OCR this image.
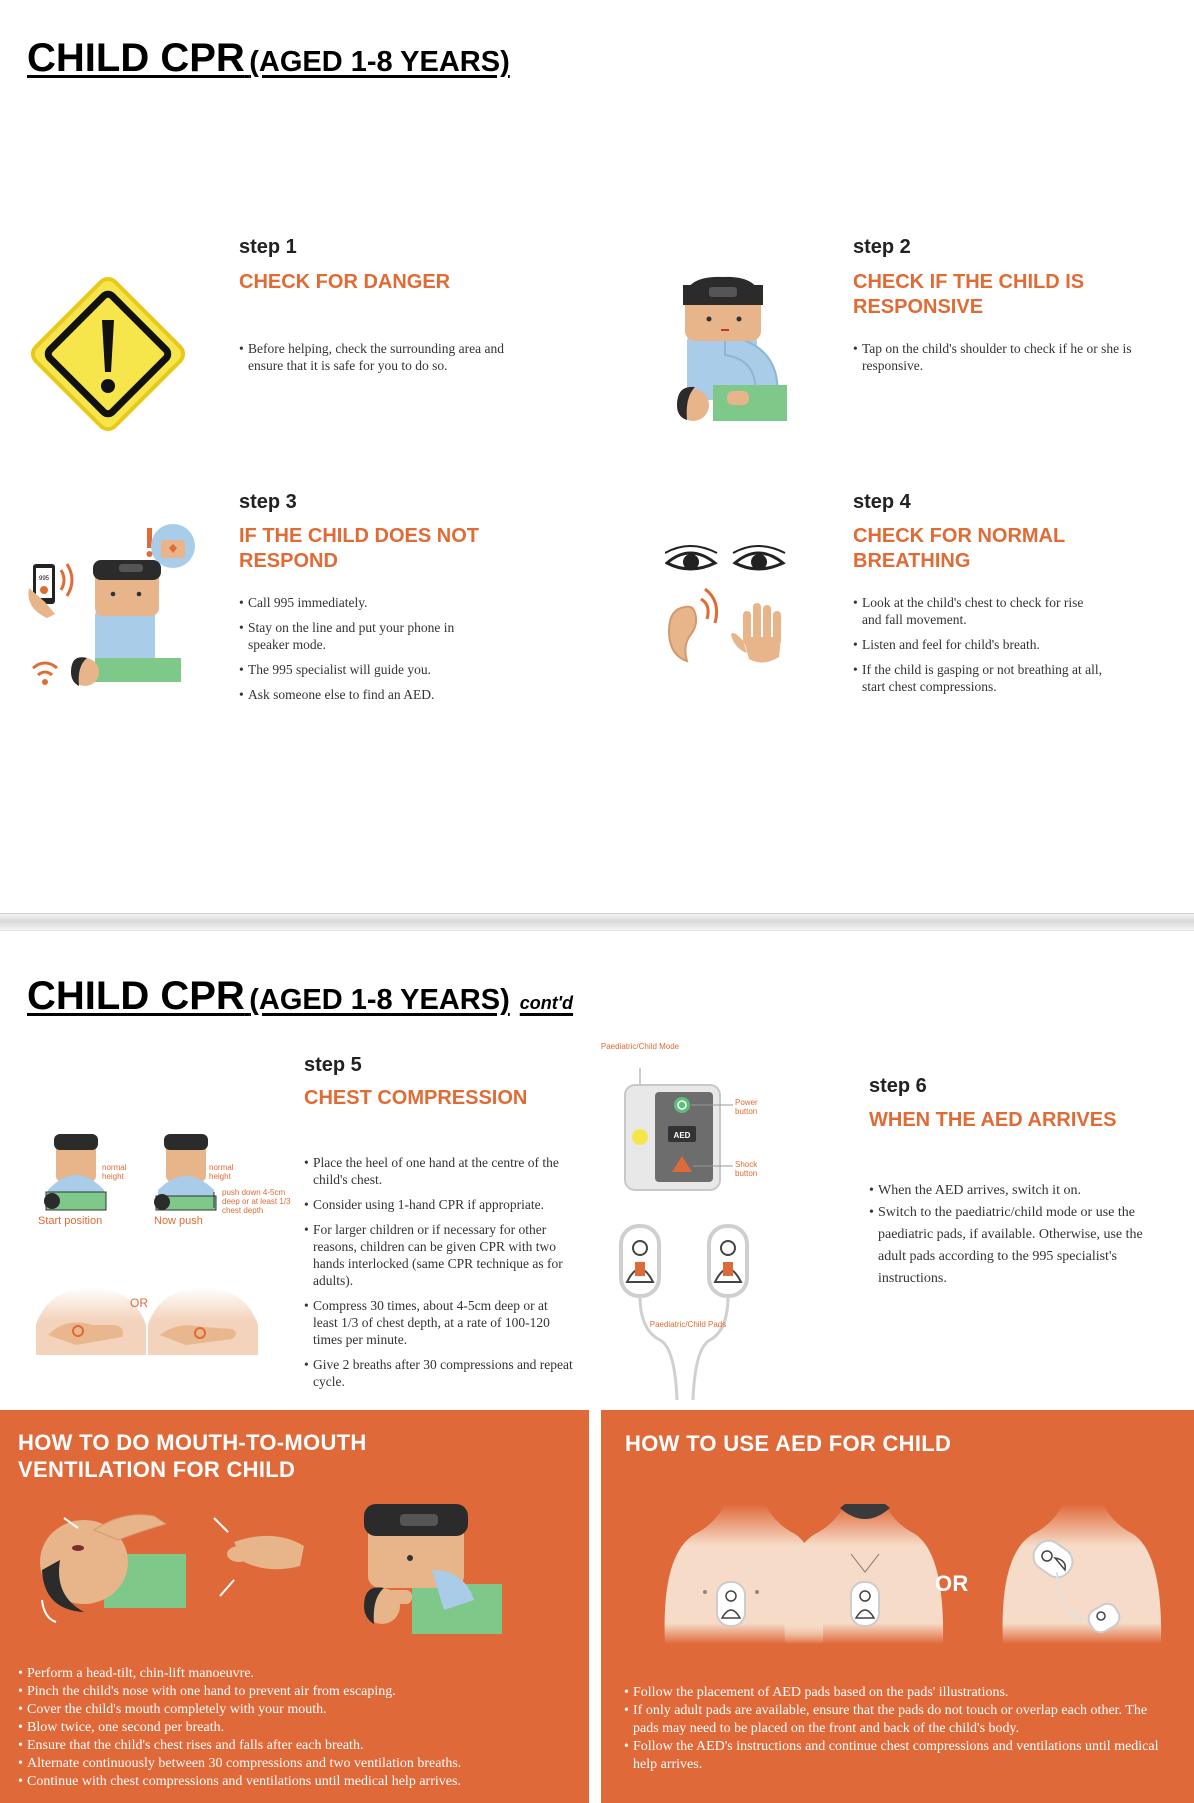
CHILD CPR (AGED 1-8 YEARS)
step 1
CHECK FOR DANGER
• Before helping, check the surrounding area and ensure that it is safe for you to do so.
step 2
CHECK IF THE CHILD IS RESPONSIVE
• Tap on the child's shoulder to check if he or she is responsive.
995
step 3
IF THE CHILD DOES NOT RESPOND
• Call 995 immediately.
• Stay on the line and put your phone in speaker mode.
• The 995 specialist will guide you.
• Ask someone else to find an AED.
step 4
CHECK FOR NORMAL BREATHING
• Look at the child's chest to check for rise and fall movement.
• Listen and feel for child's breath.
• If the child is gasping or not breathing at all, start chest compressions.
CHILD CPR (AGED 1-8 YEARS) cont'd
normal height
normal height
push down 4-5cm deep or at least 1/3 chest depth
Start position	Now push
OR
step 5
CHEST COMPRESSION
• Place the heel of one hand at the centre of the child's chest.
• Consider using 1-hand CPR if appropriate.
• For larger children or if necessary for other reasons, children can be given CPR with two hands interlocked (same CPR technique as for adults).
• Compress 30 times, about 4-5cm deep or at least 1/3 of chest depth, at a rate of 100-120 times per minute.
• Give 2 breaths after 30 compressions and repeat cycle.
Paediatric/Child Mode
AED
Power button
Shock button
Paediatric/Child Pads
step 6
WHEN THE AED ARRIVES
• When the AED arrives, switch it on.
• Switch to the paediatric/child mode or use the paediatric pads, if available. Otherwise, use the adult pads according to the 995 specialist's instructions.
HOW TO DO MOUTH-TO-MOUTH VENTILATION FOR CHILD
• Perform a head-tilt, chin-lift manoeuvre.
• Pinch the child's nose with one hand to prevent air from escaping.
• Cover the child's mouth completely with your mouth.
• Blow twice, one second per breath.
• Ensure that the child's chest rises and falls after each breath.
• Alternate continuously between 30 compressions and two ventilation breaths.
• Continue with chest compressions and ventilations until medical help arrives.
HOW TO USE AED FOR CHILD
OR
• Follow the placement of AED pads based on the pads' illustrations.
• If only adult pads are available, ensure that the pads do not touch or overlap each other. The pads may need to be placed on the front and back of the child's body.
• Follow the AED's instructions and continue chest compressions and ventilations until medical help arrives.
